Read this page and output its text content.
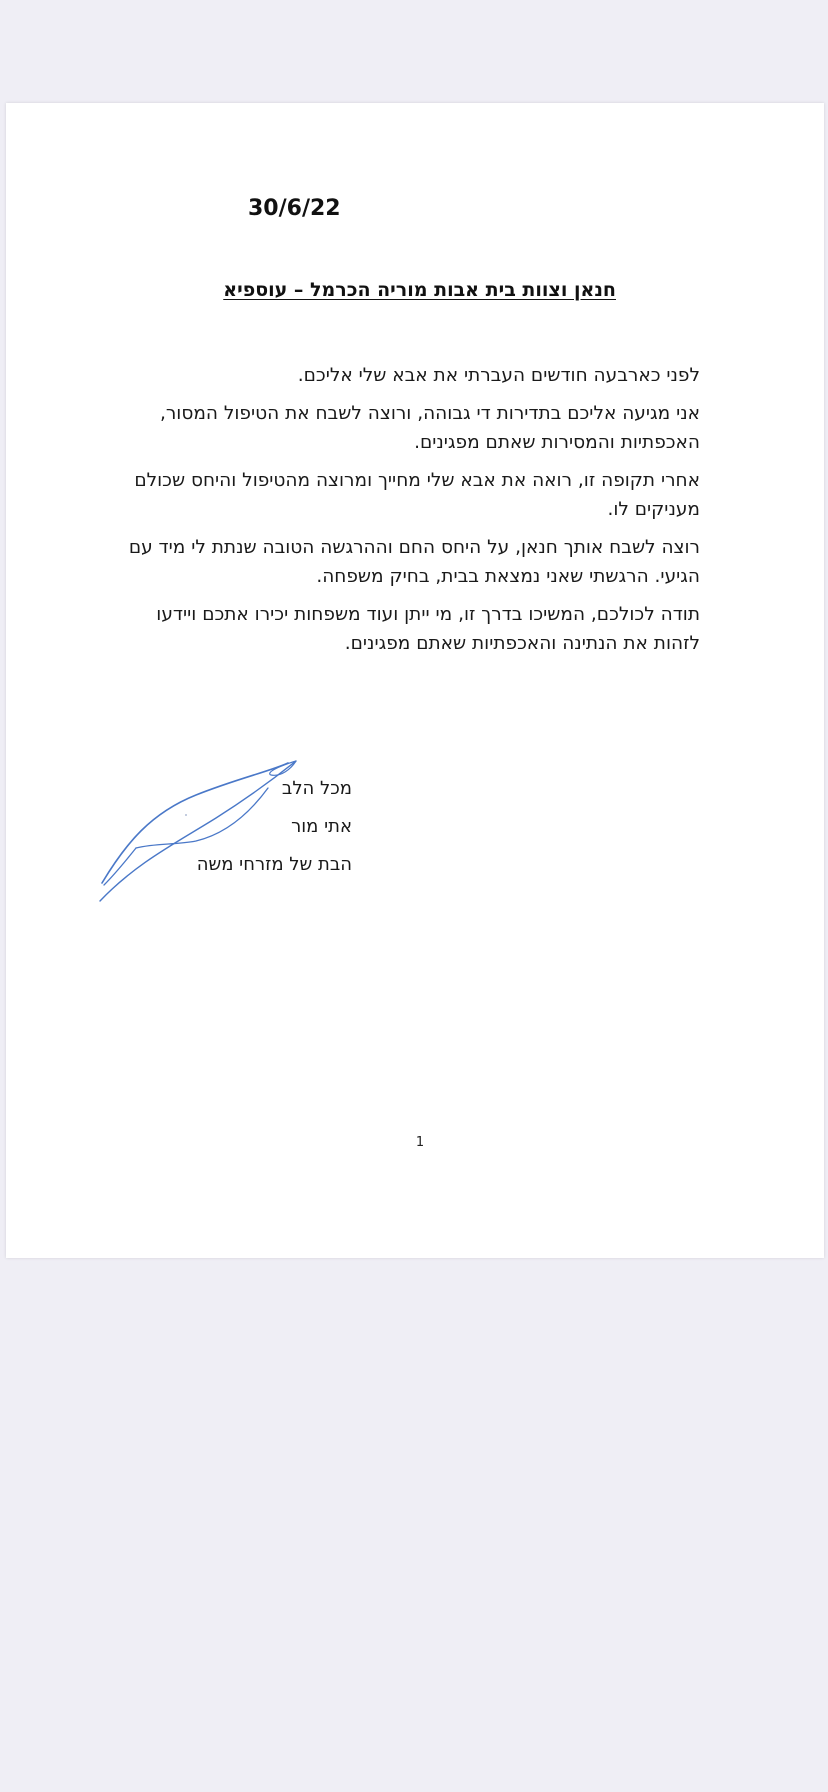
30/6/22
חנאן וצוות בית אבות מוריה הכרמל – עוספיא

לפני כארבעה חודשים העברתי את אבא שלי אליכם.

אני מגיעה אליכם בתדירות די גבוהה, ורוצה לשבח את הטיפול המסור, האכפתיות והמסירות שאתם מפגינים.

אחרי תקופה זו, רואה את אבא שלי מחייך ומרוצה מהטיפול והיחס שכולם מעניקים לו.

רוצה לשבח אותך חנאן, על היחס החם וההרגשה הטובה שנתת לי מיד עם הגיעי. הרגשתי שאני נמצאת בבית, בחיק משפחה.

תודה לכולכם, המשיכו בדרך זו, מי ייתן ועוד משפחות יכירו אתכם ויידעו לזהות את הנתינה והאכפתיות שאתם מפגינים.

מכל הלב
אתי מור
הבת של מזרחי משה
1
